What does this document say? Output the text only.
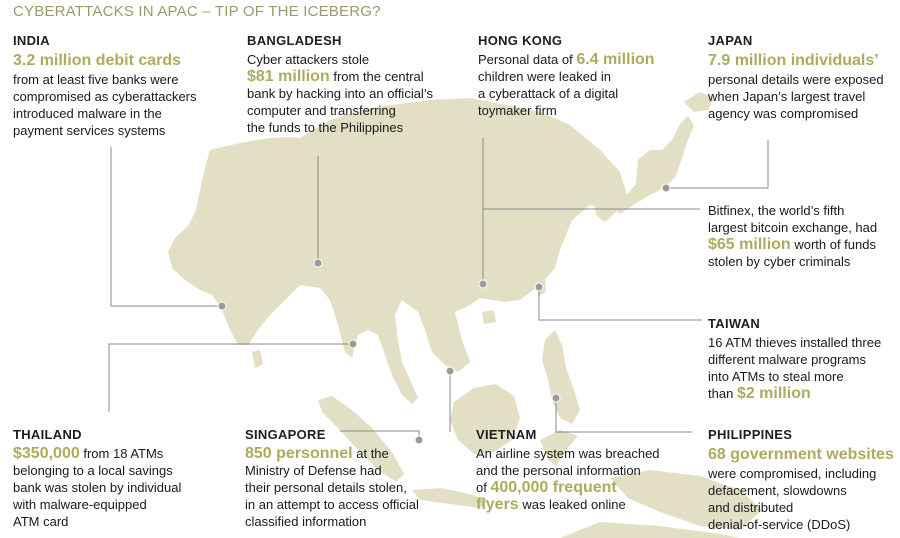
CYBERATTACKS IN APAC – TIP OF THE ICEBERG?
INDIA
3.2 million debit cards
from at least five banks were
compromised as cyberattackers
introduced malware in the
payment services systems
BANGLADESH
Cyber attackers stole
$81 million from the central
bank by hacking into an official’s
computer and transferring
the funds to the Philippines
HONG KONG
Personal data of 6.4 million
children were leaked in
a cyberattack of a digital
toymaker firm
JAPAN
7.9 million individuals’
personal details were exposed
when Japan’s largest travel
agency was compromised
Bitfinex, the world’s fifth
largest bitcoin exchange, had
$65 million worth of funds
stolen by cyber criminals
TAIWAN
16 ATM thieves installed three
different malware programs
into ATMs to steal more
than $2 million
THAILAND
$350,000 from 18 ATMs
belonging to a local savings
bank was stolen by individual
with malware-equipped
ATM card
SINGAPORE
850 personnel at the
Ministry of Defense had
their personal details stolen,
in an attempt to access official
classified information
VIETNAM
An airline system was breached
and the personal information
of 400,000 frequent
flyers was leaked online
PHILIPPINES
68 government websites
were compromised, including
defacement, slowdowns
and distributed
denial-of-service (DDoS)
